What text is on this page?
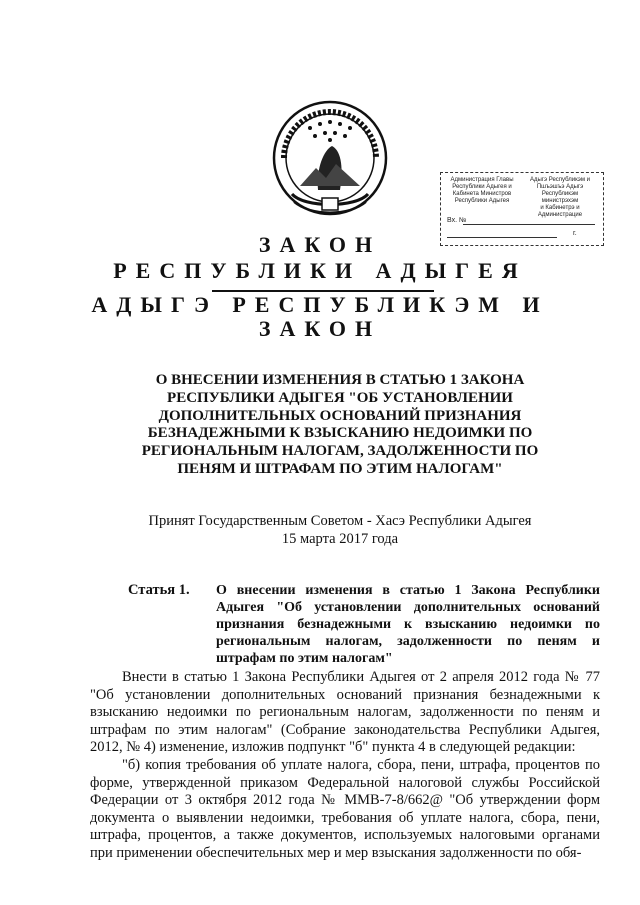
Администрация Главы
Республики Адыгея и
Кабинета Министров
Республики Адыгея
Адыгэ Республикэм и
Пшъэшъэ Адыгэ
Республикэм министрэхэм
и Кабинетрэ и Администрацие
Вх. №
г.
ЗАКОН
РЕСПУБЛИКИ АДЫГЕЯ
АДЫГЭ РЕСПУБЛИКЭМ И
ЗАКОН
О ВНЕСЕНИИ ИЗМЕНЕНИЯ В СТАТЬЮ 1 ЗАКОНА РЕСПУБЛИКИ АДЫГЕЯ "ОБ УСТАНОВЛЕНИИ ДОПОЛНИТЕЛЬНЫХ ОСНОВАНИЙ ПРИЗНАНИЯ БЕЗНАДЕЖНЫМИ К ВЗЫСКАНИЮ НЕДОИМКИ ПО РЕГИОНАЛЬНЫМ НАЛОГАМ, ЗАДОЛЖЕННОСТИ ПО ПЕНЯМ И ШТРАФАМ ПО ЭТИМ НАЛОГАМ"
Принят Государственным Советом - Хасэ Республики Адыгея
15 марта 2017 года
Статья 1. О внесении изменения в статью 1 Закона Республики Адыгея "Об установлении дополнительных оснований признания безнадежными к взысканию недоимки по региональным налогам, задолженности по пеням и штрафам по этим налогам"

Внести в статью 1 Закона Республики Адыгея от 2 апреля 2012 года № 77 "Об установлении дополнительных оснований признания безнадежными к взысканию недоимки по региональным налогам, задолженности по пеням и штрафам по этим налогам" (Собрание законодательства Республики Адыгея, 2012, № 4) изменение, изложив подпункт "б" пункта 4 в следующей редакции:

"б) копия требования об уплате налога, сбора, пени, штрафа, процентов по форме, утвержденной приказом Федеральной налоговой службы Российской Федерации от 3 октября 2012 года № ММВ-7-8/662@ "Об утверждении форм документа о выявлении недоимки, требования об уплате налога, сбора, пени, штрафа, процентов, а также документов, используемых налоговыми органами при применении обеспечительных мер и мер взыскания задолженности по обя-
